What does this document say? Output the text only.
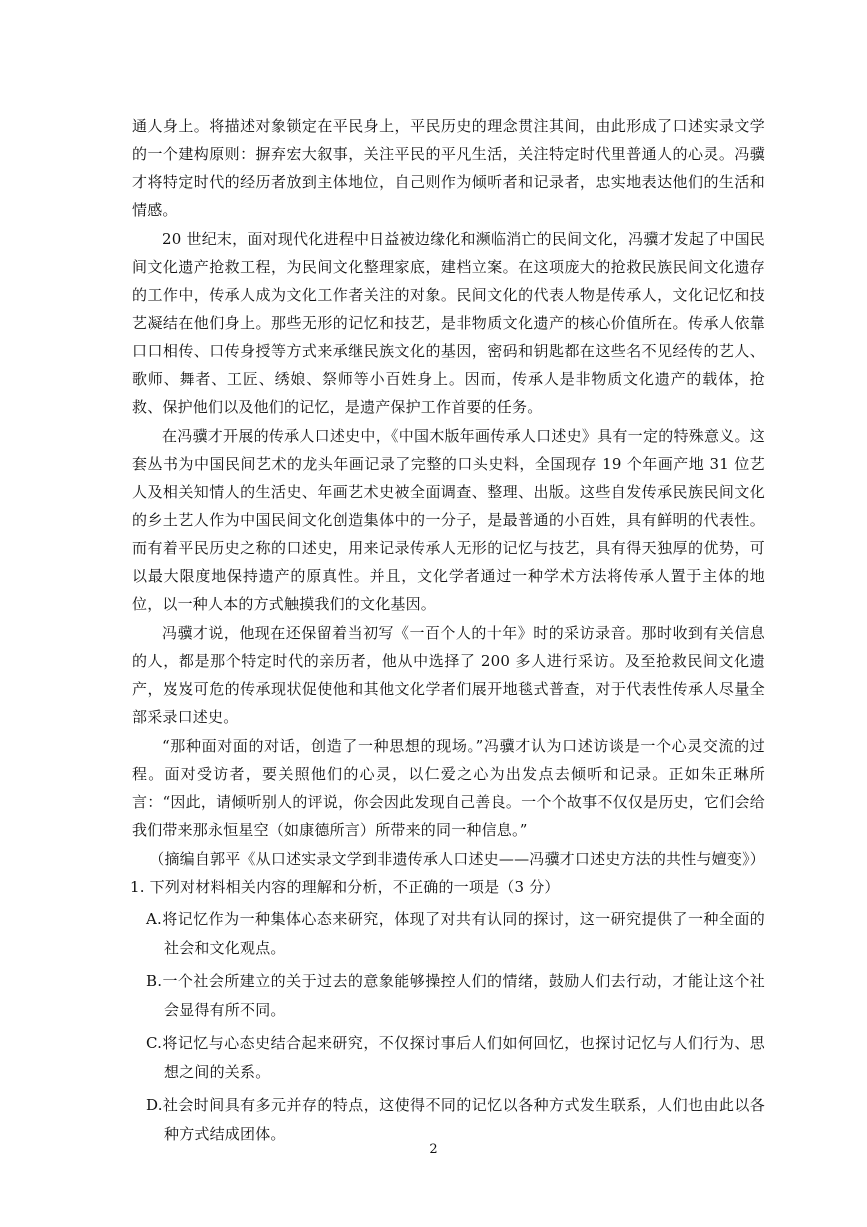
通人身上。将描述对象锁定在平民身上，平民历史的理念贯注其间，由此形成了口述实录文学的一个建构原则：摒弃宏大叙事，关注平民的平凡生活，关注特定时代里普通人的心灵。冯骥才将特定时代的经历者放到主体地位，自己则作为倾听者和记录者，忠实地表达他们的生活和情感。

20 世纪末，面对现代化进程中日益被边缘化和濒临消亡的民间文化，冯骥才发起了中国民间文化遗产抢救工程，为民间文化整理家底，建档立案。在这项庞大的抢救民族民间文化遗存的工作中，传承人成为文化工作者关注的对象。民间文化的代表人物是传承人，文化记忆和技艺凝结在他们身上。那些无形的记忆和技艺，是非物质文化遗产的核心价值所在。传承人依靠口口相传、口传身授等方式来承继民族文化的基因，密码和钥匙都在这些名不见经传的艺人、歌师、舞者、工匠、绣娘、祭师等小百姓身上。因而，传承人是非物质文化遗产的载体，抢救、保护他们以及他们的记忆，是遗产保护工作首要的任务。

在冯骥才开展的传承人口述史中，《中国木版年画传承人口述史》具有一定的特殊意义。这套丛书为中国民间艺术的龙头年画记录了完整的口头史料，全国现存 19 个年画产地 31 位艺人及相关知情人的生活史、年画艺术史被全面调查、整理、出版。这些自发传承民族民间文化的乡土艺人作为中国民间文化创造集体中的一分子，是最普通的小百姓，具有鲜明的代表性。而有着平民历史之称的口述史，用来记录传承人无形的记忆与技艺，具有得天独厚的优势，可以最大限度地保持遗产的原真性。并且，文化学者通过一种学术方法将传承人置于主体的地位，以一种人本的方式触摸我们的文化基因。

冯骥才说，他现在还保留着当初写《一百个人的十年》时的采访录音。那时收到有关信息的人，都是那个特定时代的亲历者，他从中选择了 200 多人进行采访。及至抢救民间文化遗产，岌岌可危的传承现状促使他和其他文化学者们展开地毯式普查，对于代表性传承人尽量全部采录口述史。

“那种面对面的对话，创造了一种思想的现场。”冯骥才认为口述访谈是一个心灵交流的过程。面对受访者，要关照他们的心灵，以仁爱之心为出发点去倾听和记录。正如朱正琳所言：“因此，请倾听别人的评说，你会因此发现自己善良。一个个故事不仅仅是历史，它们会给我们带来那永恒星空（如康德所言）所带来的同一种信息。”

（摘编自郭平《从口述实录文学到非遗传承人口述史——冯骥才口述史方法的共性与嬗变》）

1. 下列对材料相关内容的理解和分析，不正确的一项是（3 分）

A.将记忆作为一种集体心态来研究，体现了对共有认同的探讨，这一研究提供了一种全面的社会和文化观点。

B.一个社会所建立的关于过去的意象能够操控人们的情绪，鼓励人们去行动，才能让这个社会显得有所不同。

C.将记忆与心态史结合起来研究，不仅探讨事后人们如何回忆，也探讨记忆与人们行为、思想之间的关系。

D.社会时间具有多元并存的特点，这使得不同的记忆以各种方式发生联系，人们也由此以各种方式结成团体。

2
